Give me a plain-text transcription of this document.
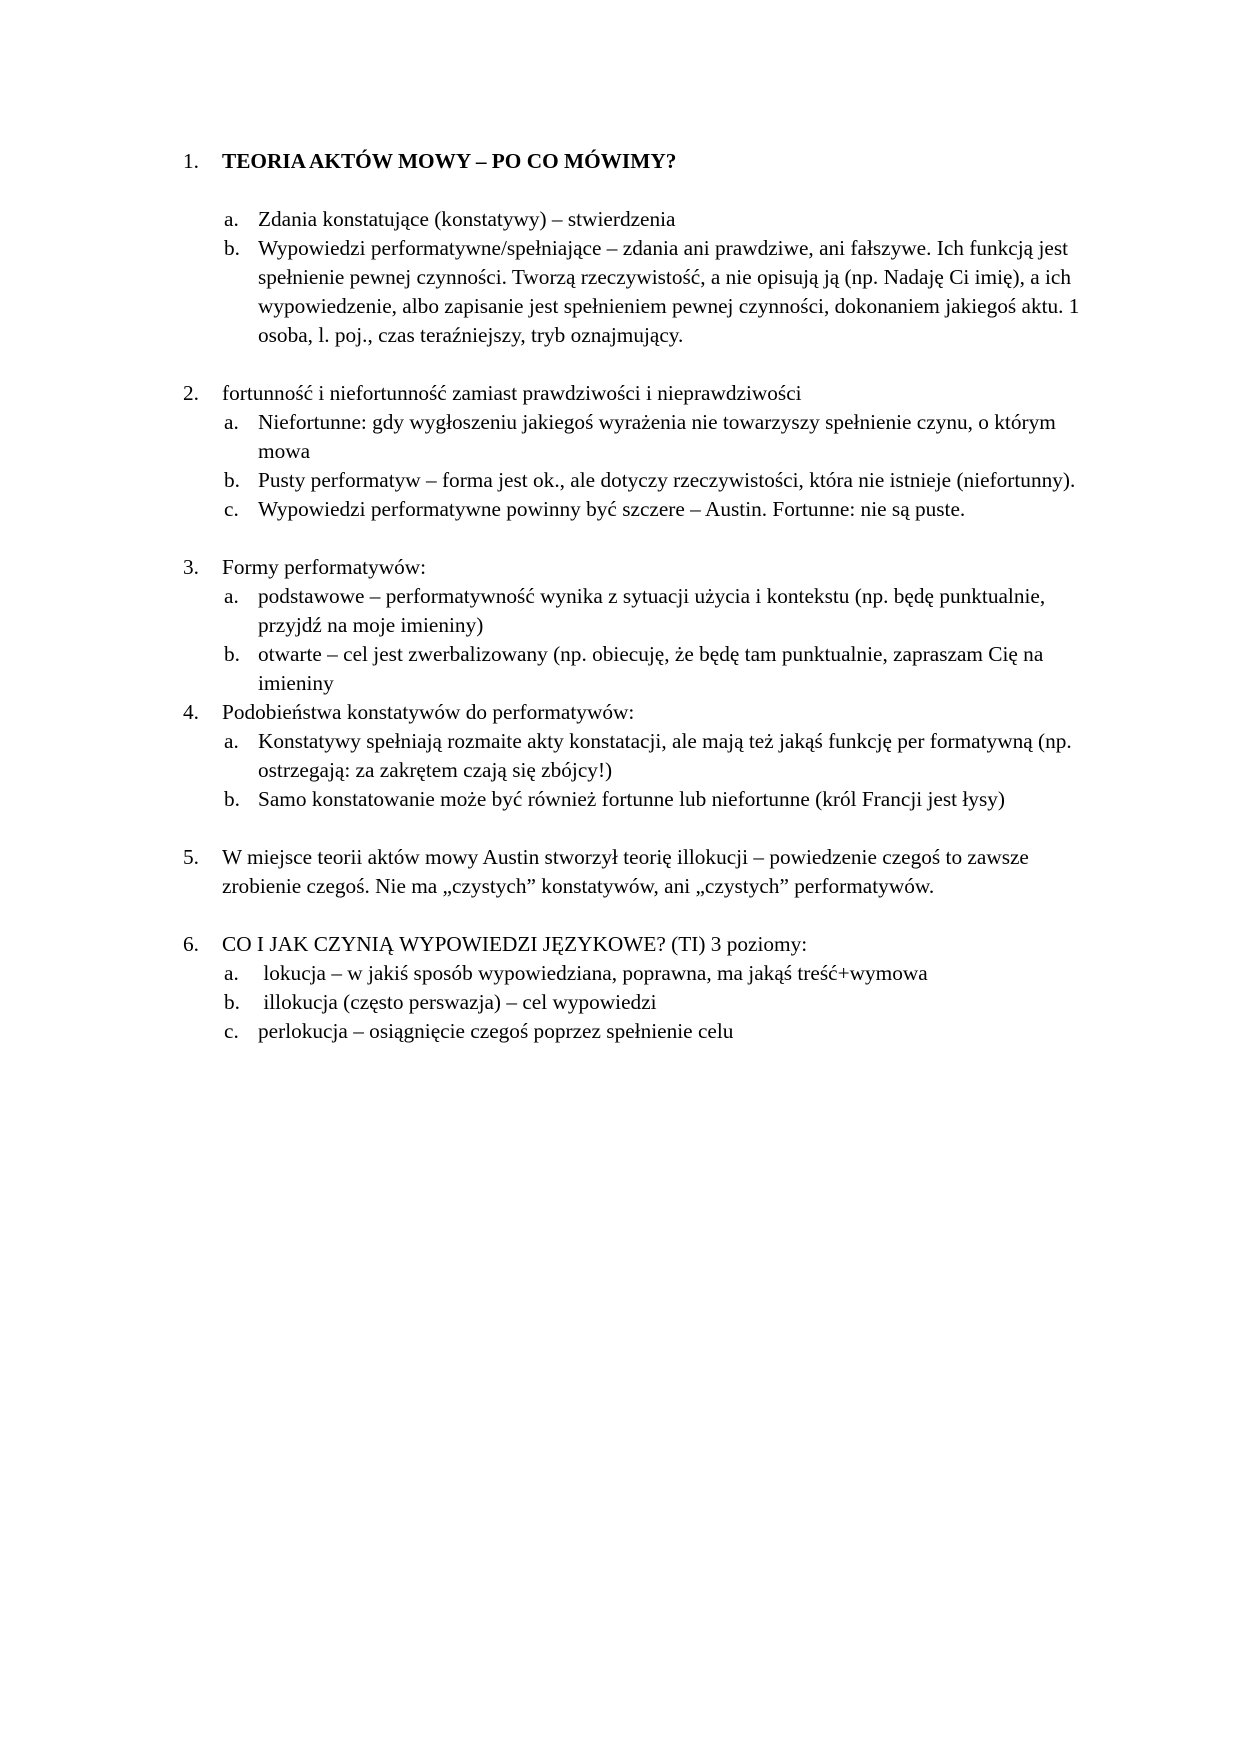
1. TEORIA AKTÓW MOWY – PO CO MÓWIMY?
a. Zdania konstatujące (konstatywy) – stwierdzenia
b. Wypowiedzi performatywne/spełniające – zdania ani prawdziwe, ani fałszywe. Ich funkcją jest spełnienie pewnej czynności. Tworzą rzeczywistość, a nie opisują ją (np. Nadaję Ci imię), a ich wypowiedzenie, albo zapisanie jest spełnieniem pewnej czynności, dokonaniem jakiegoś aktu. 1 osoba, l. poj., czas teraźniejszy, tryb oznajmujący.
2. fortunność i niefortunność zamiast prawdziwości i nieprawdziwości
a. Niefortunne: gdy wygłoszeniu jakiegoś wyrażenia nie towarzyszy spełnienie czynu, o którym mowa
b. Pusty performatyw – forma jest ok., ale dotyczy rzeczywistości, która nie istnieje (niefortunny).
c. Wypowiedzi performatywne powinny być szczere – Austin. Fortunne: nie są puste.
3. Formy performatywów:
a. podstawowe – performatywność wynika z sytuacji użycia i kontekstu (np. będę punktualnie, przyjdź na moje imieniny)
b. otwarte – cel jest zwerbalizowany (np. obiecuję, że będę tam punktualnie, zapraszam Cię na imieniny
4. Podobieństwa konstatywów do performatywów:
a. Konstatywy spełniają rozmaite akty konstatacji, ale mają też jakąś funkcję per formatywną (np. ostrzegają: za zakrętem czają się zbójcy!)
b. Samo konstatowanie może być również fortunne lub niefortunne (król Francji jest łysy)
5. W miejsce teorii aktów mowy Austin stworzył teorię illokucji – powiedzenie czegoś to zawsze zrobienie czegoś. Nie ma „czystych” konstatywów, ani „czystych” performatywów.
6. CO I JAK CZYNIĄ WYPOWIEDZI JĘZYKOWE? (TI) 3 poziomy:
a. lokucja – w jakiś sposób wypowiedziana, poprawna, ma jakąś treść+wymowa
b. illokucja (często perswazja) – cel wypowiedzi
c. perlokucja – osiągnięcie czegoś poprzez spełnienie celu
